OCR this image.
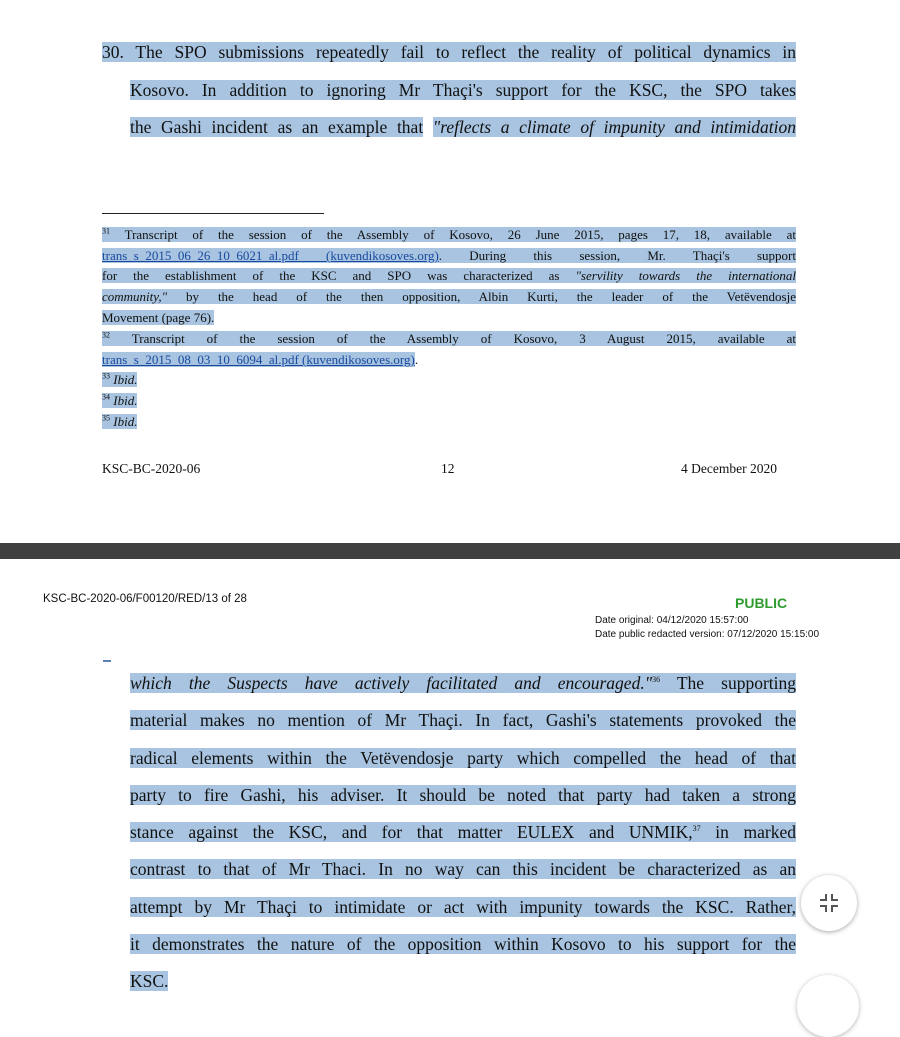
30. The SPO submissions repeatedly fail to reflect the reality of political dynamics in
Kosovo. In addition to ignoring Mr Thaçi's support for the KSC, the SPO takes
the Gashi incident as an example that "reflects a climate of impunity and intimidation
$^{31}$ Transcript of the session of the Assembly of Kosovo, 26 June 2015, pages 17, 18, available at
trans_s_2015_06_26_10_6021_al.pdf (kuvendikosoves.org). During this session, Mr. Thaçi's support
for the establishment of the KSC and SPO was characterized as "servility towards the international
community," by the head of the then opposition, Albin Kurti, the leader of the Vetëvendosje
Movement (page 76).
$^{32}$ Transcript of the session of the Assembly of Kosovo, 3 August 2015, available at
trans_s_2015_08_03_10_6094_al.pdf (kuvendikosoves.org).
$^{33}$ Ibid.
$^{34}$ Ibid.
$^{35}$ Ibid.
KSC-BC-2020-06	12	4 December 2020
KSC-BC-2020-06/F00120/RED/13 of 28	PUBLIC
Date original: 04/12/2020 15:57:00
Date public redacted version: 07/12/2020 15:15:00
which the Suspects have actively facilitated and encouraged."$^{36}$ The supporting
material makes no mention of Mr Thaçi. In fact, Gashi's statements provoked the
radical elements within the Vetëvendosje party which compelled the head of that
party to fire Gashi, his adviser. It should be noted that party had taken a strong
stance against the KSC, and for that matter EULEX and UNMIK,$^{37}$ in marked
contrast to that of Mr Thaci. In no way can this incident be characterized as an
attempt by Mr Thaçi to intimidate or act with impunity towards the KSC. Rather,
it demonstrates the nature of the opposition within Kosovo to his support for the
KSC.
